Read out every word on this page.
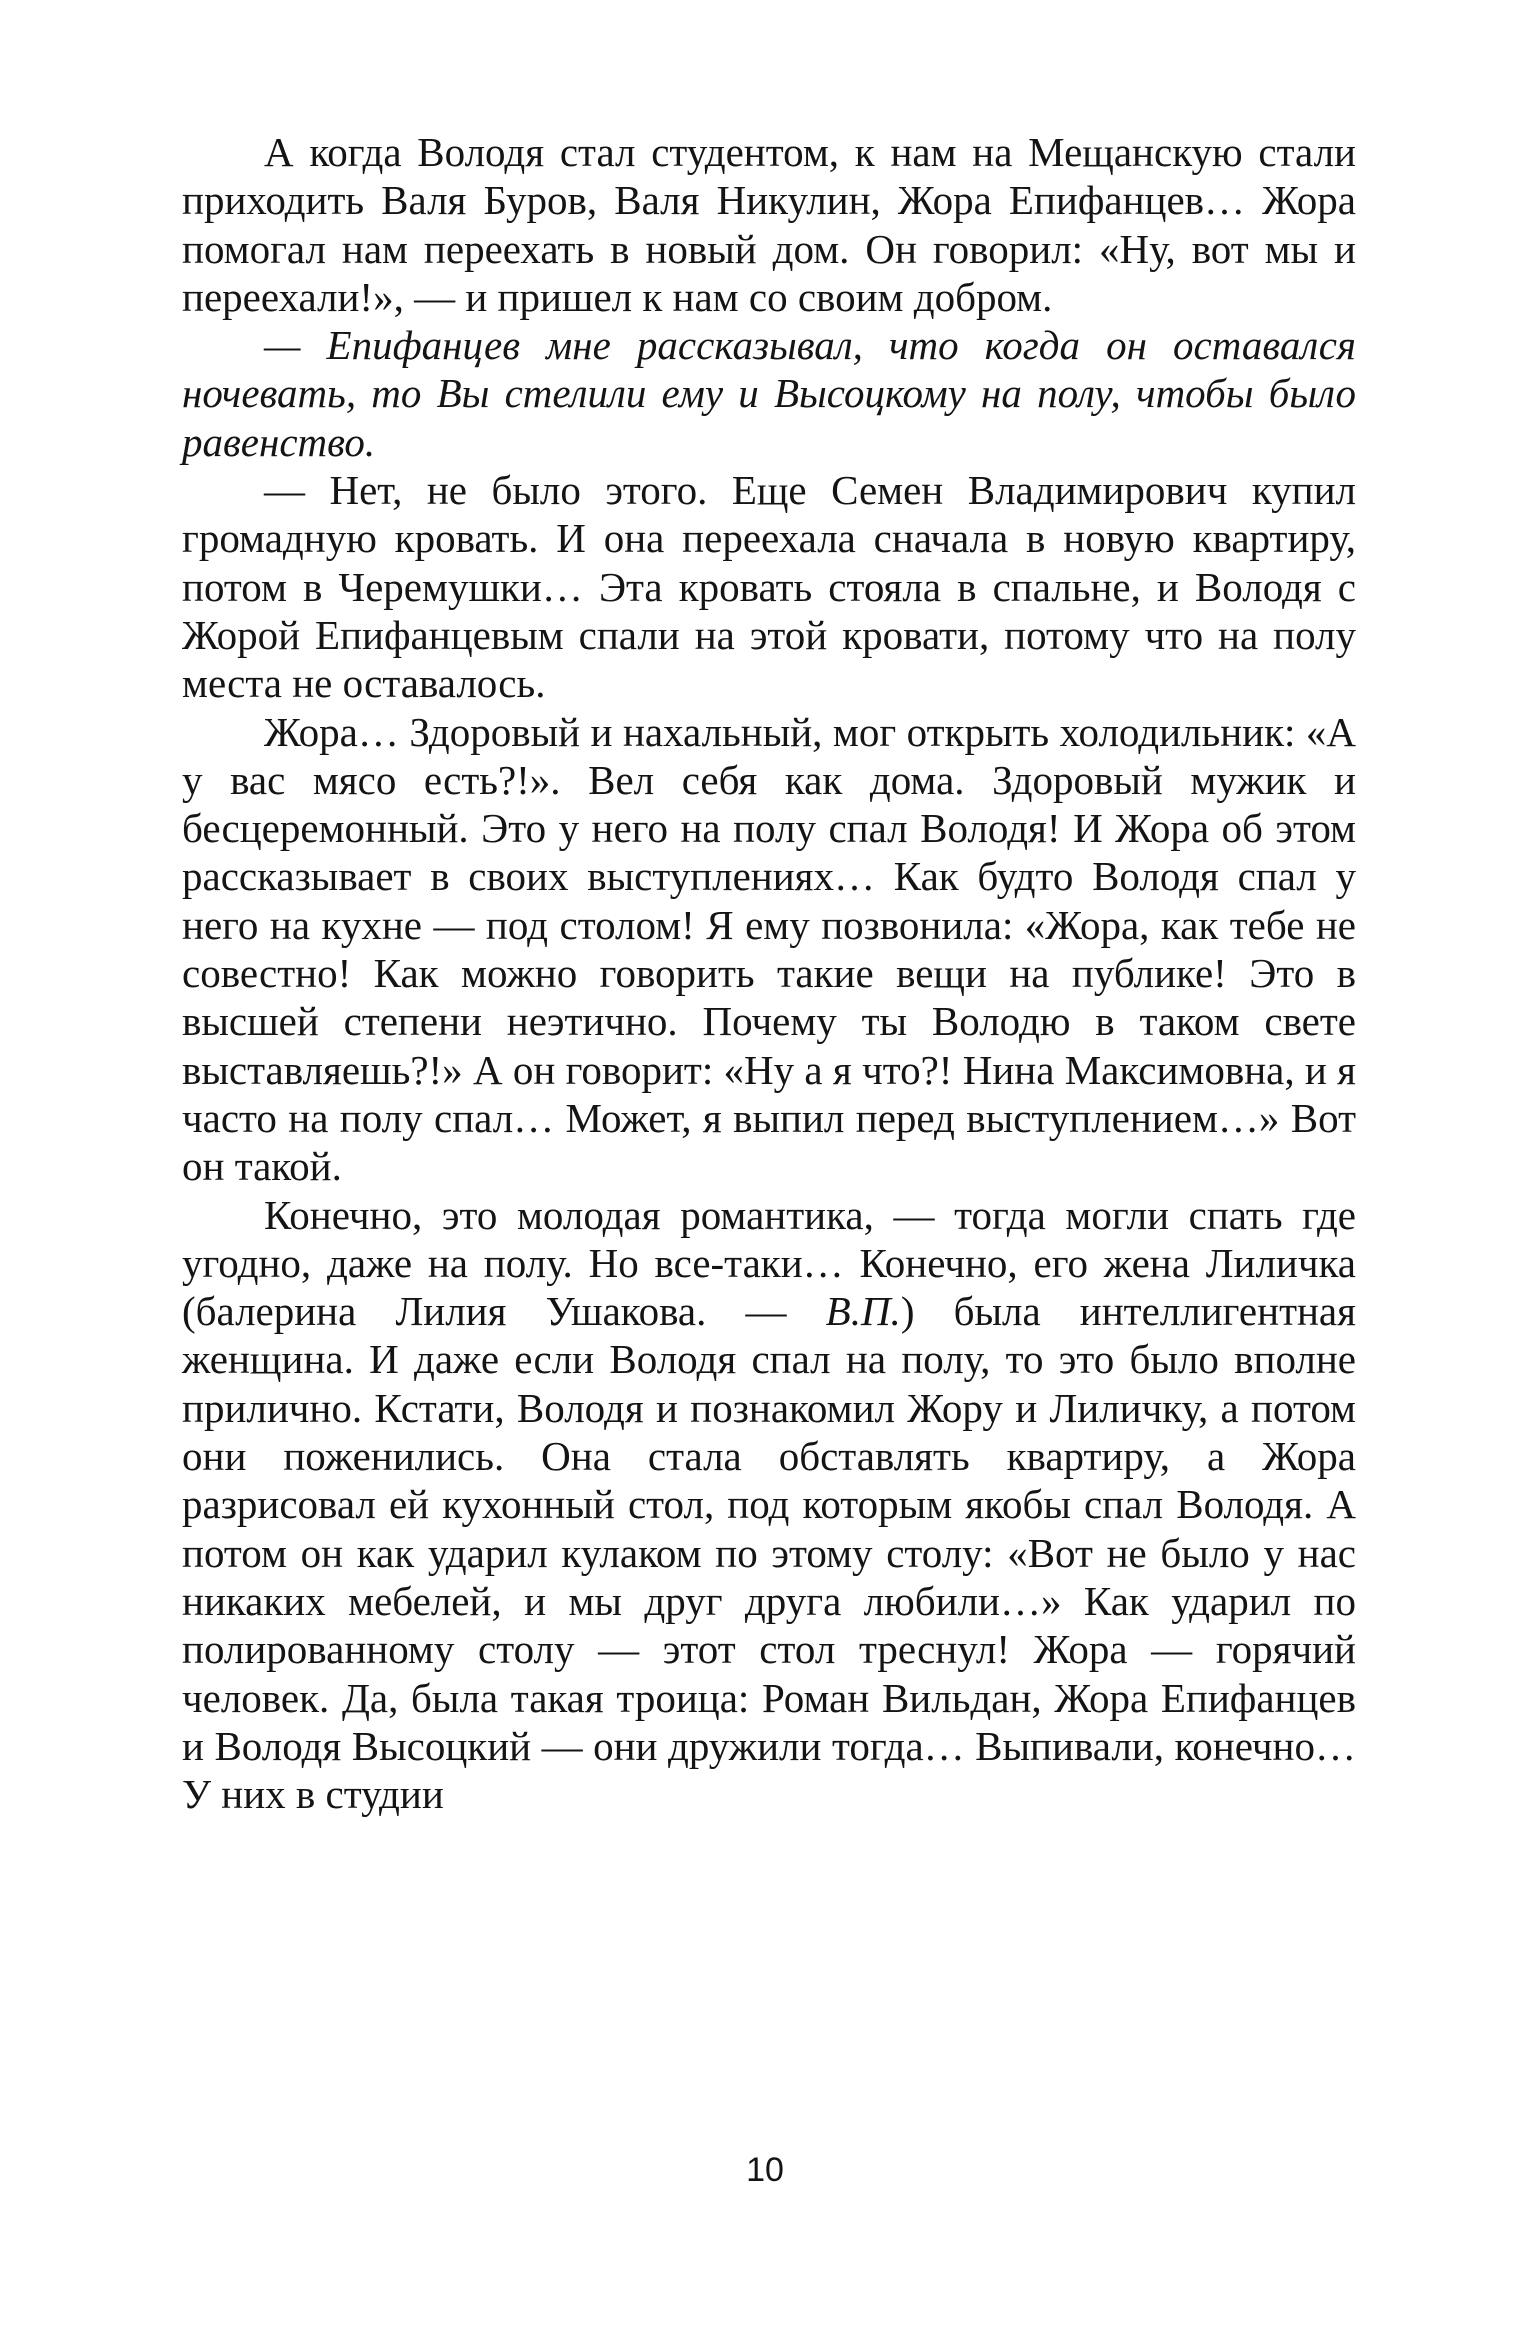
А когда Володя стал студентом, к нам на Мещанскую стали приходить Валя Буров, Валя Никулин, Жора Епифанцев… Жора помогал нам переехать в новый дом. Он говорил: «Ну, вот мы и переехали!», — и пришел к нам со своим добром.

— Епифанцев мне рассказывал, что когда он оставался ночевать, то Вы стелили ему и Высоцкому на полу, чтобы было равенство.

— Нет, не было этого. Еще Семен Владимирович купил громадную кровать. И она переехала сначала в новую квартиру, потом в Черемушки… Эта кровать стояла в спальне, и Володя с Жорой Епифанцевым спали на этой кровати, потому что на полу места не оставалось.

Жора… Здоровый и нахальный, мог открыть холодильник: «А у вас мясо есть?!». Вел себя как дома. Здоровый мужик и бесцеремонный. Это у него на полу спал Володя! И Жора об этом рассказывает в своих выступлениях… Как будто Володя спал у него на кухне — под столом! Я ему позвонила: «Жора, как тебе не совестно! Как можно говорить такие вещи на публике! Это в высшей степени неэтично. Почему ты Володю в таком свете выставляешь?!» А он говорит: «Ну а я что?! Нина Максимовна, и я часто на полу спал… Может, я выпил перед выступлением…» Вот он такой.

Конечно, это молодая романтика, — тогда могли спать где угодно, даже на полу. Но все-таки… Конечно, его жена Лиличка (балерина Лилия Ушакова. — В.П.) была интеллигентная женщина. И даже если Володя спал на полу, то это было вполне прилично. Кстати, Володя и познакомил Жору и Лиличку, а потом они поженились. Она стала обставлять квартиру, а Жора разрисовал ей кухонный стол, под которым якобы спал Володя. А потом он как ударил кулаком по этому столу: «Вот не было у нас никаких мебелей, и мы друг друга любили…» Как ударил по полированному столу — этот стол треснул! Жора — горячий человек. Да, была такая троица: Роман Вильдан, Жора Епифанцев и Володя Высоцкий — они дружили тогда… Выпивали, конечно… У них в студии

10
